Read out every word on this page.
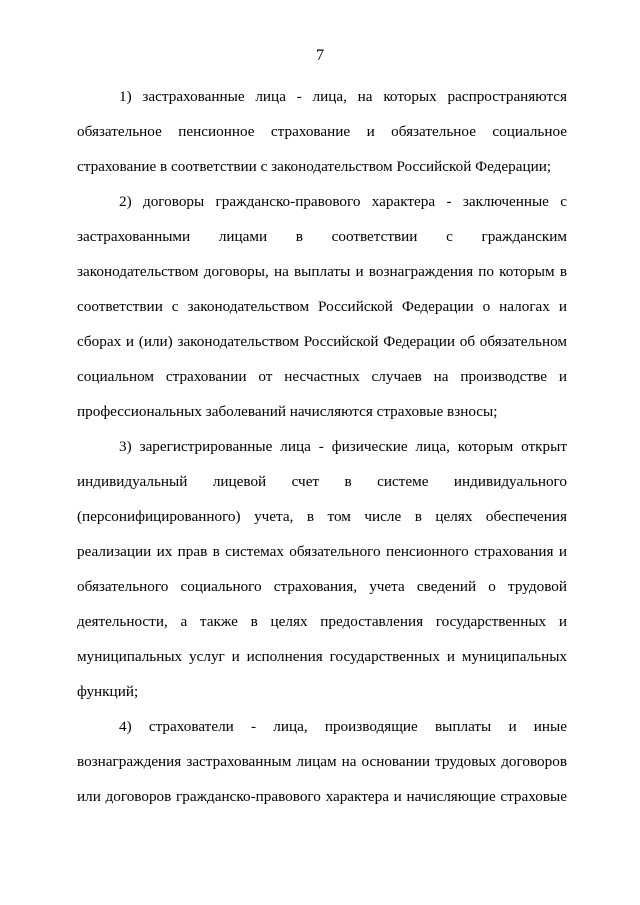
7
1) застрахованные лица - лица, на которых распространяются
обязательное пенсионное страхование и обязательное социальное
страхование в соответствии с законодательством Российской Федерации;
2) договоры гражданско-правового характера - заключенные с
застрахованными лицами в соответствии с гражданским
законодательством договоры, на выплаты и вознаграждения по которым в
соответствии с законодательством Российской Федерации о налогах и
сборах и (или) законодательством Российской Федерации об обязательном
социальном страховании от несчастных случаев на производстве и
профессиональных заболеваний начисляются страховые взносы;
3) зарегистрированные лица - физические лица, которым открыт
индивидуальный лицевой счет в системе индивидуального
(персонифицированного) учета, в том числе в целях обеспечения
реализации их прав в системах обязательного пенсионного страхования и
обязательного социального страхования, учета сведений о трудовой
деятельности, а также в целях предоставления государственных и
муниципальных услуг и исполнения государственных и муниципальных
функций;
4) страхователи - лица, производящие выплаты и иные
вознаграждения застрахованным лицам на основании трудовых договоров
или договоров гражданско-правового характера и начисляющие страховые
